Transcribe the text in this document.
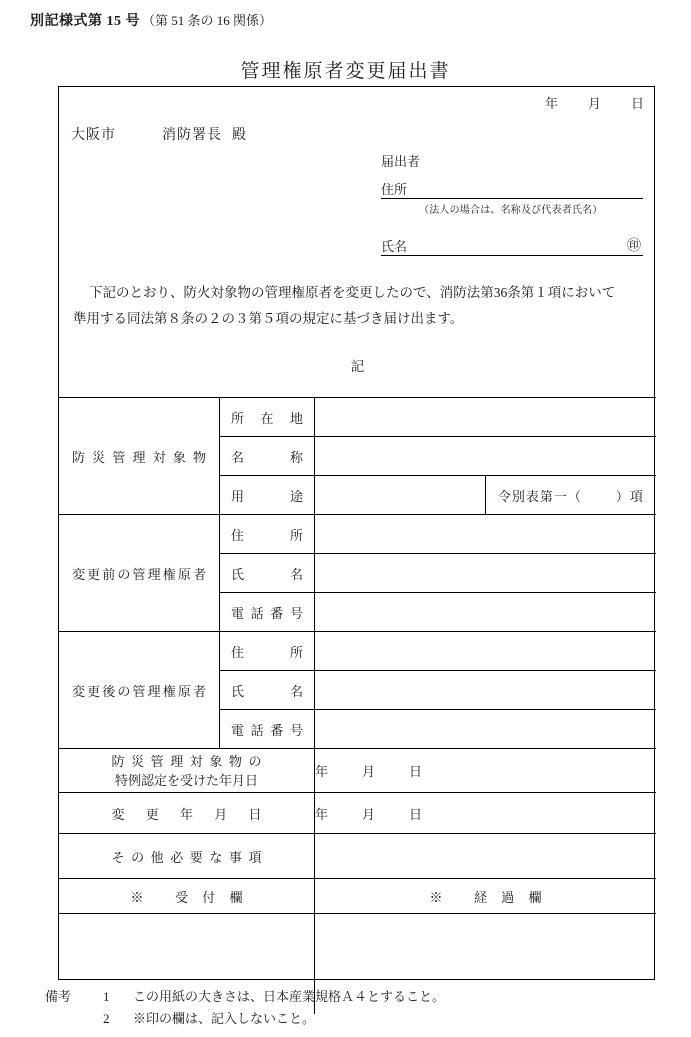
別記様式第 15 号 （第 51 条の 16 関係）
管理権原者変更届出書
年 月 日
大阪市	消防署長 殿
届出者
住所
（法人の場合は、名称及び代表者氏名）
氏名	㊞

下記のとおり、防火対象物の管理権原者を変更したので、消防法第36条第１項において

準用する同法第８条の２の３第５項の規定に基づき届け出ます。

記
防災管理対象物	所在地		
	名称		
	用途		令別表第一（ ）項
変更前の管理権原者	住所		
	氏名		
	電話番号		
変更後の管理権原者	住所		
	氏名		
	電話番号		

防災管理対象物の
特例認定を受けた年月日		年 月 日	
変更年月日		年 月 日	
その他必要な事項			
※ 受付欄		※ 経過欄	

備考	1	この用紙の大きさは、日本産業規格Ａ４とすること。
2	※印の欄は、記入しないこと。
